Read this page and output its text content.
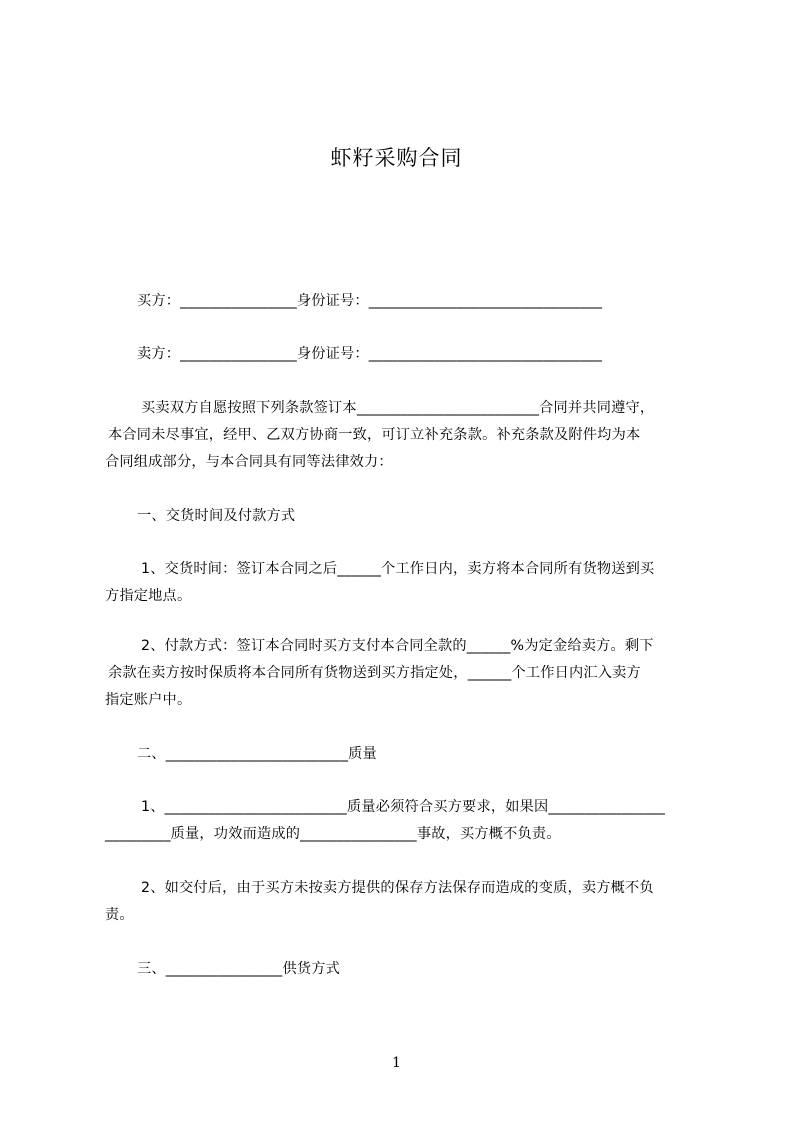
虾籽采购合同
买方：________________身份证号：________________________________
卖方：________________身份证号：________________________________
买卖双方自愿按照下列条款签订本_________________________合同并共同遵守，
本合同未尽事宜，经甲、乙双方协商一致，可订立补充条款。补充条款及附件均为本
合同组成部分，与本合同具有同等法律效力：
一、交货时间及付款方式
1、交货时间：签订本合同之后______个工作日内，卖方将本合同所有货物送到买
方指定地点。
2、付款方式：签订本合同时买方支付本合同全款的______%为定金给卖方。剩下
余款在卖方按时保质将本合同所有货物送到买方指定处，______个工作日内汇入卖方
指定账户中。
二、_________________________质量
1、_________________________质量必须符合买方要求，如果因________________
_________质量，功效而造成的________________事故，买方概不负责。
2、如交付后，由于买方未按卖方提供的保存方法保存而造成的变质，卖方概不负
责。
三、________________供货方式
1
